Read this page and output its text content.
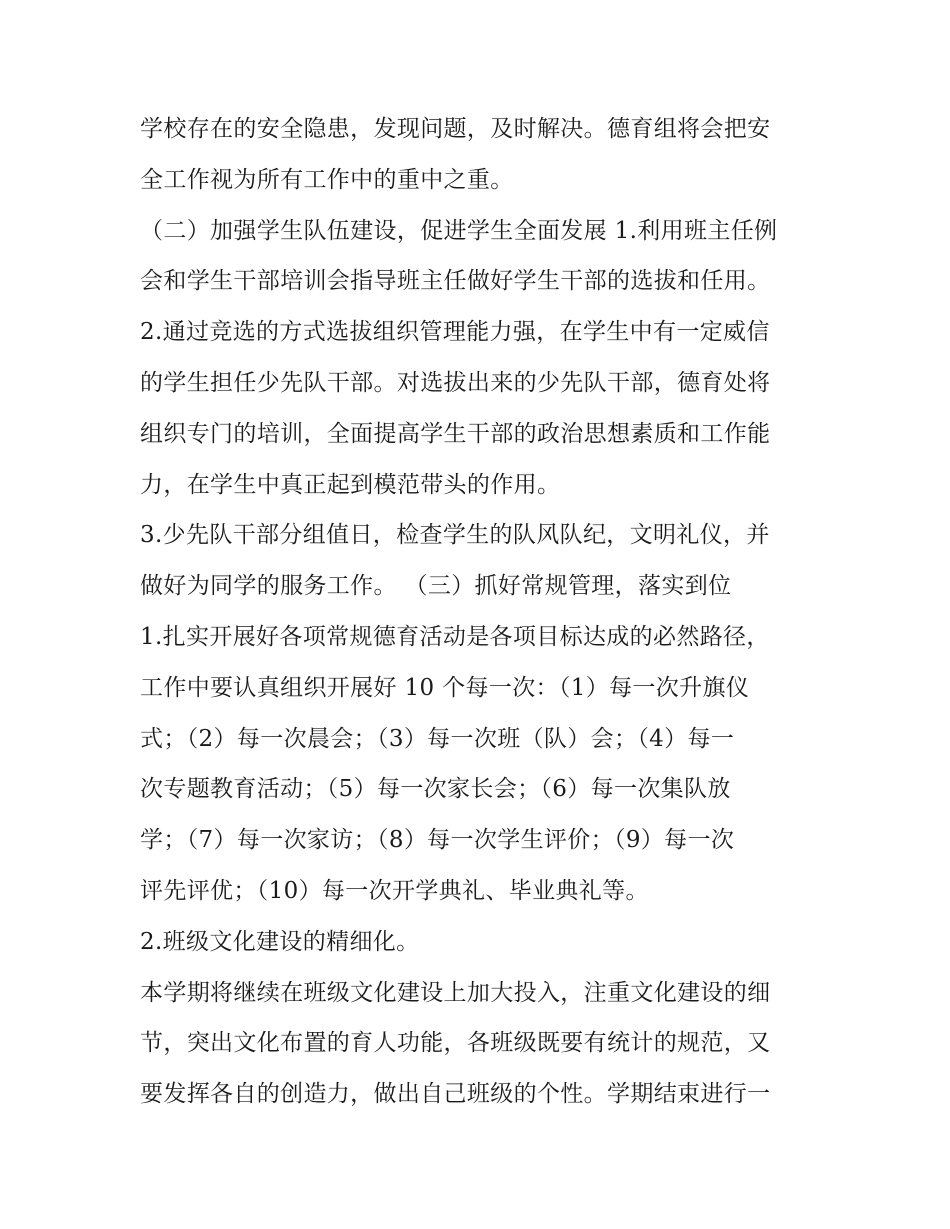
学校存在的安全隐患，发现问题，及时解决。德育组将会把安
全工作视为所有工作中的重中之重。
（二）加强学生队伍建设，促进学生全面发展 1.利用班主任例
会和学生干部培训会指导班主任做好学生干部的选拔和任用。
2.通过竞选的方式选拔组织管理能力强，在学生中有一定威信
的学生担任少先队干部。对选拔出来的少先队干部，德育处将
组织专门的培训，全面提高学生干部的政治思想素质和工作能
力，在学生中真正起到模范带头的作用。
3.少先队干部分组值日，检查学生的队风队纪，文明礼仪，并
做好为同学的服务工作。 （三）抓好常规管理，落实到位
1.扎实开展好各项常规德育活动是各项目标达成的必然路径，
工作中要认真组织开展好 10 个每一次：（1）每一次升旗仪
式；（2）每一次晨会；（3）每一次班（队）会；（4）每一
次专题教育活动；（5）每一次家长会；（6）每一次集队放
学；（7）每一次家访；（8）每一次学生评价；（9）每一次
评先评优；（10）每一次开学典礼、毕业典礼等。
2.班级文化建设的精细化。
本学期将继续在班级文化建设上加大投入，注重文化建设的细
节，突出文化布置的育人功能，各班级既要有统计的规范，又
要发挥各自的创造力，做出自己班级的个性。学期结束进行一
